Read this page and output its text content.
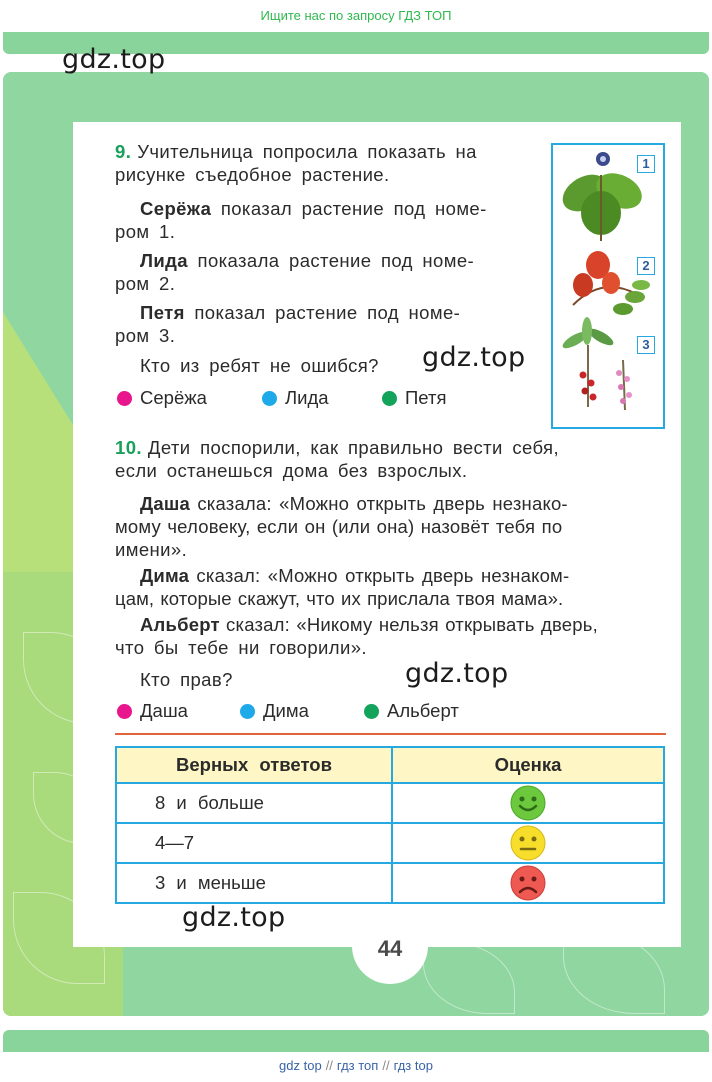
Ищите нас по запросу ГДЗ ТОП
gdz.top
9. Учительница попросила показать на
рисунке съедобное растение.
Серёжа показал растение под номе-
ром 1.
Лида показала растение под номе-
ром 2.
Петя показал растение под номе-
ром 3.
Кто из ребят не ошибся? gdz.top
Серёжа	Лида	Петя
1
2
3
10. Дети поспорили, как правильно вести себя,
если останешься дома без взрослых.
Даша сказала: «Можно открыть дверь незнако-
мому человеку, если он (или она) назовёт тебя по
имени».
Дима сказал: «Можно открыть дверь незнаком-
цам, которые скажут, что их прислала твоя мама».
Альберт сказал: «Никому нельзя открывать дверь,
что бы тебе ни говорили».
Кто прав?	gdz.top
Даша	Дима	Альберт
Верных ответов	Оценка
8 и больше	
4—7	
3 и меньше	
gdz.top
44
gdz top // гдз топ // гдз top
